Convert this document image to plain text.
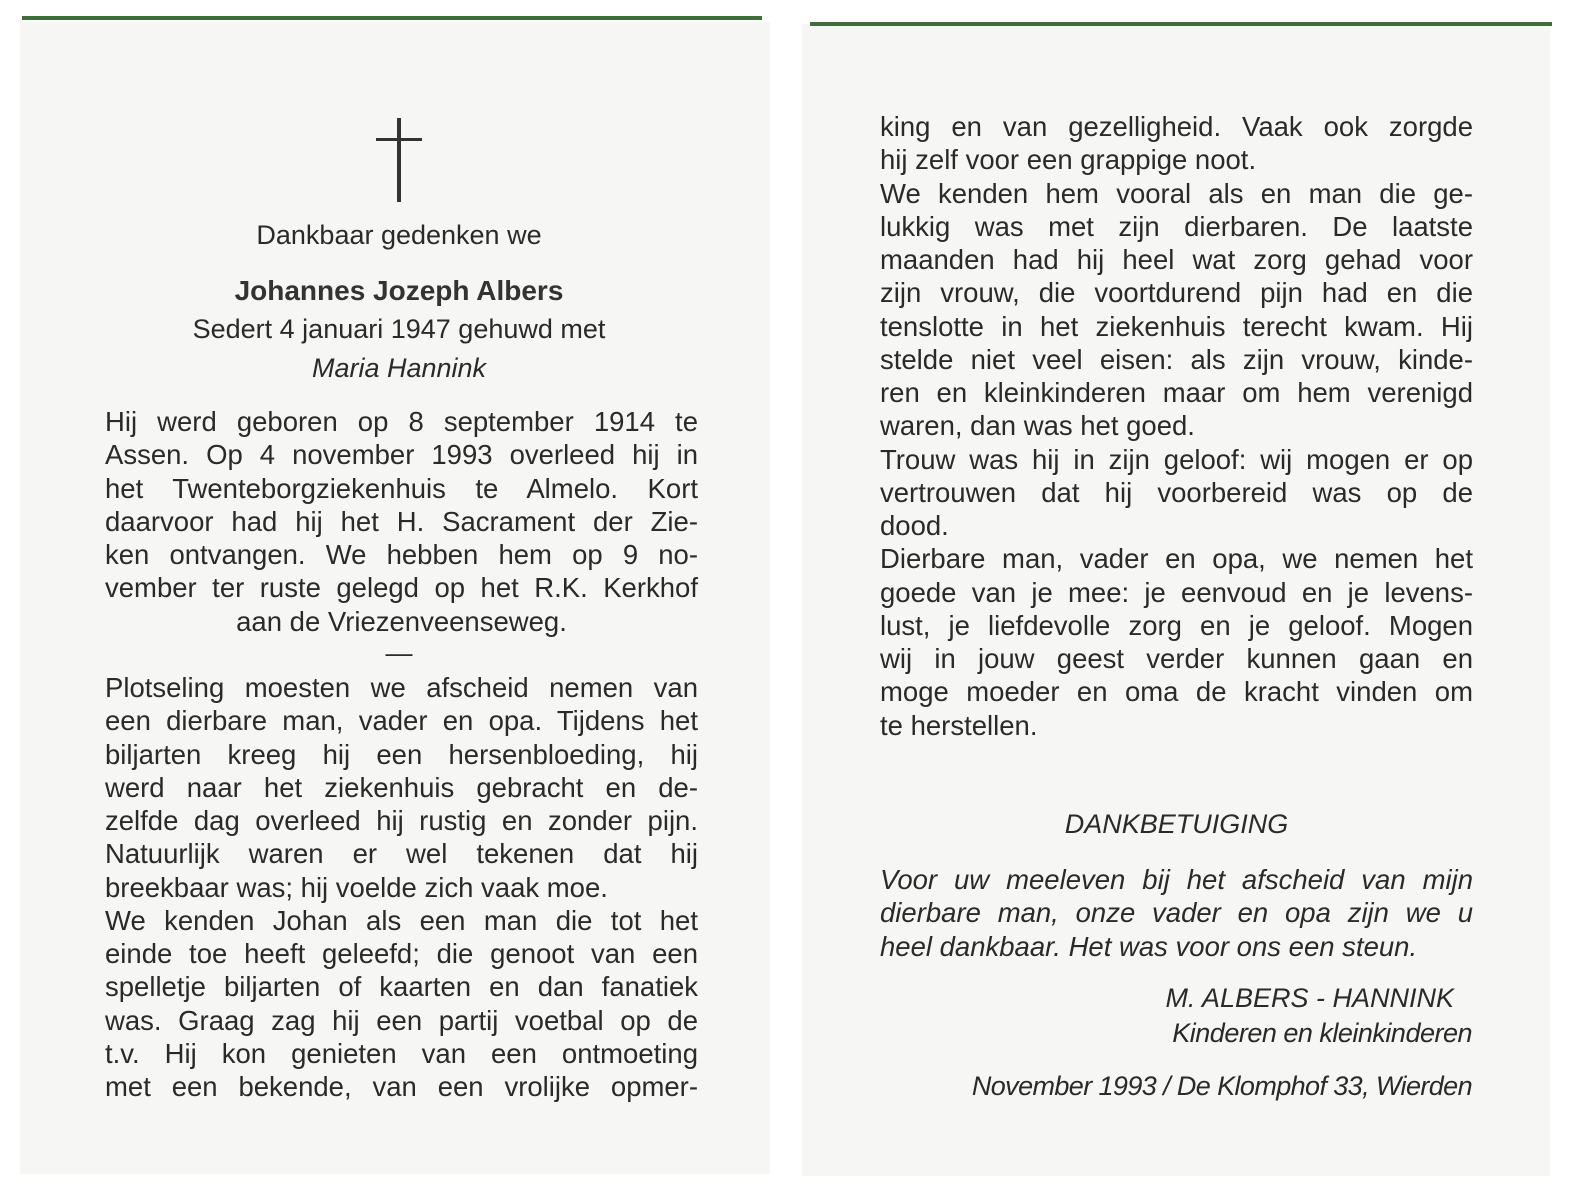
Dankbaar gedenken we
Johannes Jozeph Albers
Sedert 4 januari 1947 gehuwd met
Maria Hannink
Hij werd geboren op 8 september 1914 te
Assen. Op 4 november 1993 overleed hij in
het Twenteborgziekenhuis te Almelo. Kort
daarvoor had hij het H. Sacrament der Zie-
ken ontvangen. We hebben hem op 9 no-
vember ter ruste gelegd op het R.K. Kerkhof
aan de Vriezenveenseweg.
—
Plotseling moesten we afscheid nemen van
een dierbare man, vader en opa. Tijdens het
biljarten kreeg hij een hersenbloeding, hij
werd naar het ziekenhuis gebracht en de-
zelfde dag overleed hij rustig en zonder pijn.
Natuurlijk waren er wel tekenen dat hij
breekbaar was; hij voelde zich vaak moe.
We kenden Johan als een man die tot het
einde toe heeft geleefd; die genoot van een
spelletje biljarten of kaarten en dan fanatiek
was. Graag zag hij een partij voetbal op de
t.v. Hij kon genieten van een ontmoeting
met een bekende, van een vrolijke opmer-
king en van gezelligheid. Vaak ook zorgde
hij zelf voor een grappige noot.
We kenden hem vooral als en man die ge-
lukkig was met zijn dierbaren. De laatste
maanden had hij heel wat zorg gehad voor
zijn vrouw, die voortdurend pijn had en die
tenslotte in het ziekenhuis terecht kwam. Hij
stelde niet veel eisen: als zijn vrouw, kinde-
ren en kleinkinderen maar om hem verenigd
waren, dan was het goed.
Trouw was hij in zijn geloof: wij mogen er op
vertrouwen dat hij voorbereid was op de
dood.
Dierbare man, vader en opa, we nemen het
goede van je mee: je eenvoud en je levens-
lust, je liefdevolle zorg en je geloof. Mogen
wij in jouw geest verder kunnen gaan en
moge moeder en oma de kracht vinden om
te herstellen.
DANKBETUIGING
Voor uw meeleven bij het afscheid van mijn
dierbare man, onze vader en opa zijn we u
heel dankbaar. Het was voor ons een steun.
M. ALBERS - HANNINK
Kinderen en kleinkinderen
November 1993 / De Klomphof 33, Wierden
